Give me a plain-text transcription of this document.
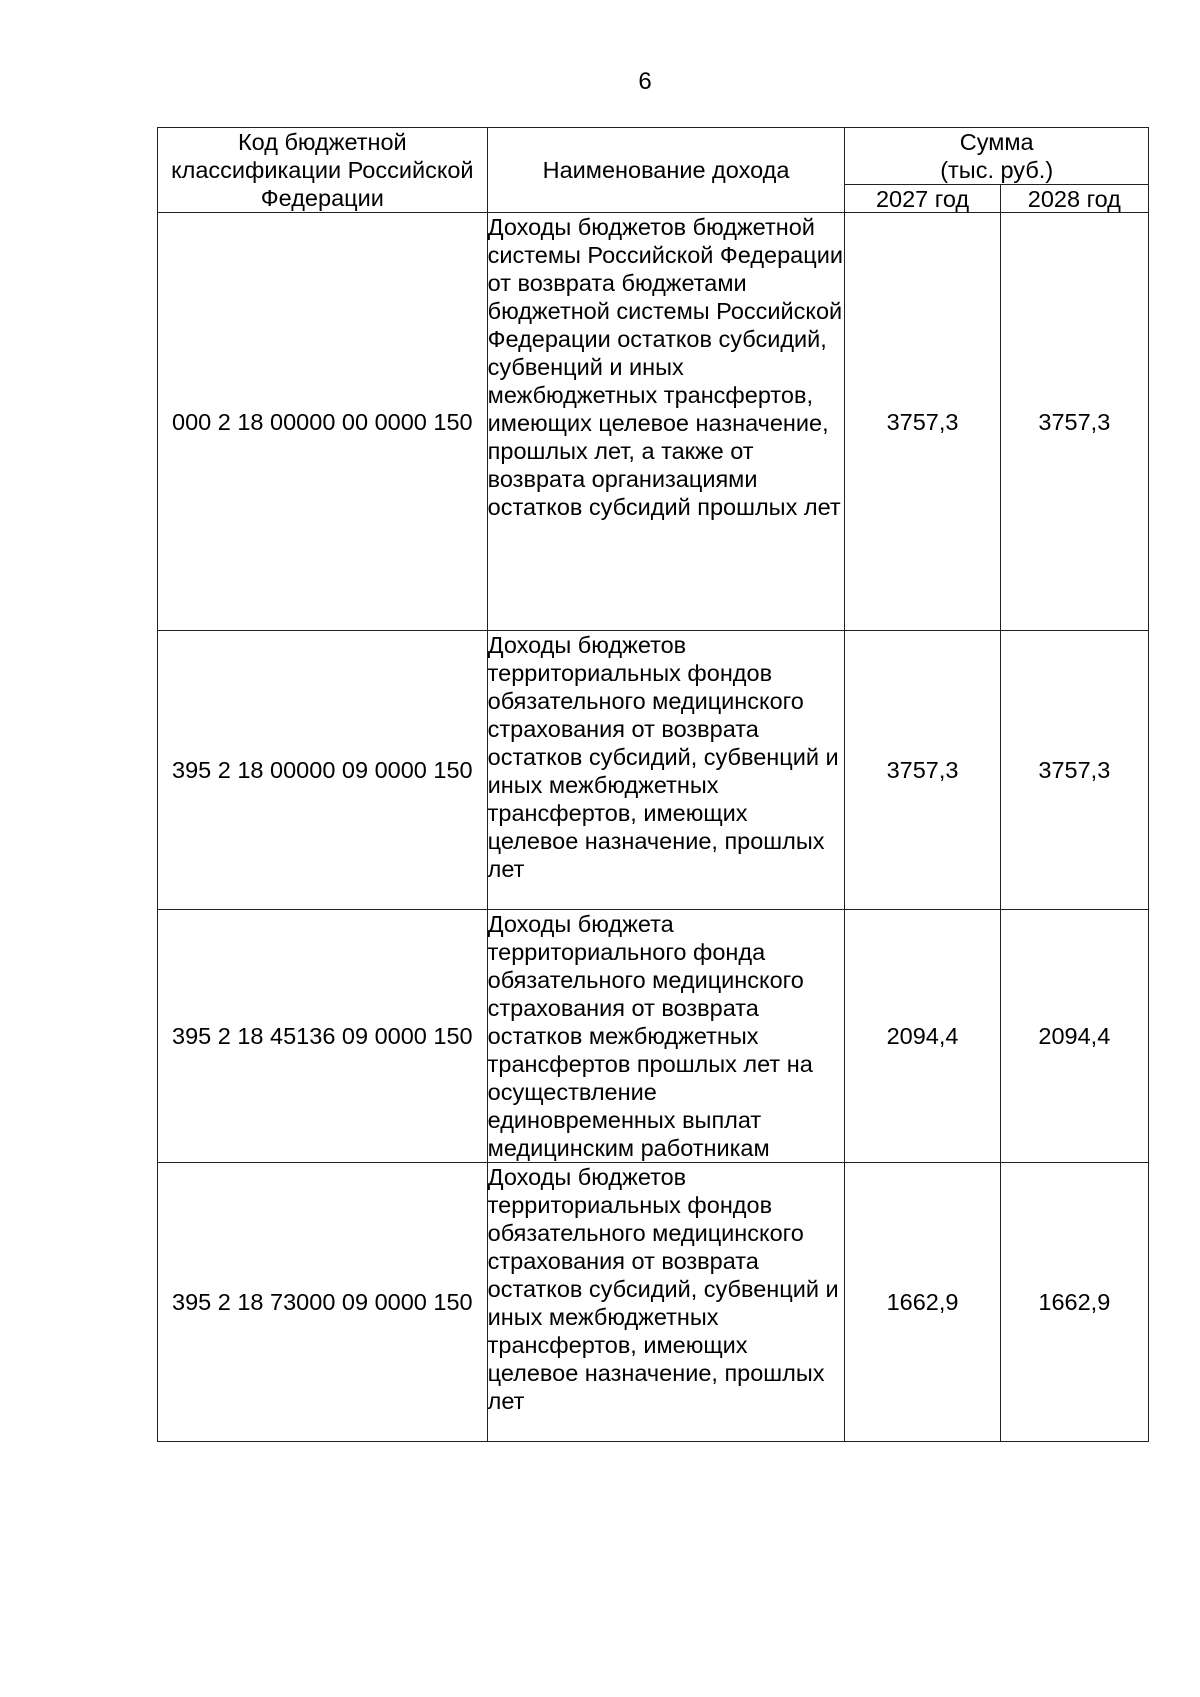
6
Код бюджетной классификации Российской Федерации	Наименование дохода	Сумма (тыс. руб.)	

		2027 год	2028 год
000 2 18 00000 00 0000 150	Доходы бюджетов бюджетной системы Российской Федерации от возврата бюджетами бюджетной системы Российской Федерации остатков субсидий, субвенций и иных межбюджетных трансфертов, имеющих целевое назначение, прошлых лет, а также от возврата организациями остатков субсидий прошлых лет	3757,3	3757,3
395 2 18 00000 09 0000 150	Доходы бюджетов территориальных фондов обязательного медицинского страхования от возврата остатков субсидий, субвенций и иных межбюджетных трансфертов, имеющих целевое назначение, прошлых лет	3757,3	3757,3
395 2 18 45136 09 0000 150	Доходы бюджета территориального фонда обязательного медицинского страхования от возврата остатков межбюджетных трансфертов прошлых лет на осуществление единовременных выплат медицинским работникам	2094,4	2094,4
395 2 18 73000 09 0000 150	Доходы бюджетов территориальных фондов обязательного медицинского страхования от возврата остатков субсидий, субвенций и иных межбюджетных трансфертов, имеющих целевое назначение, прошлых лет	1662,9	1662,9
